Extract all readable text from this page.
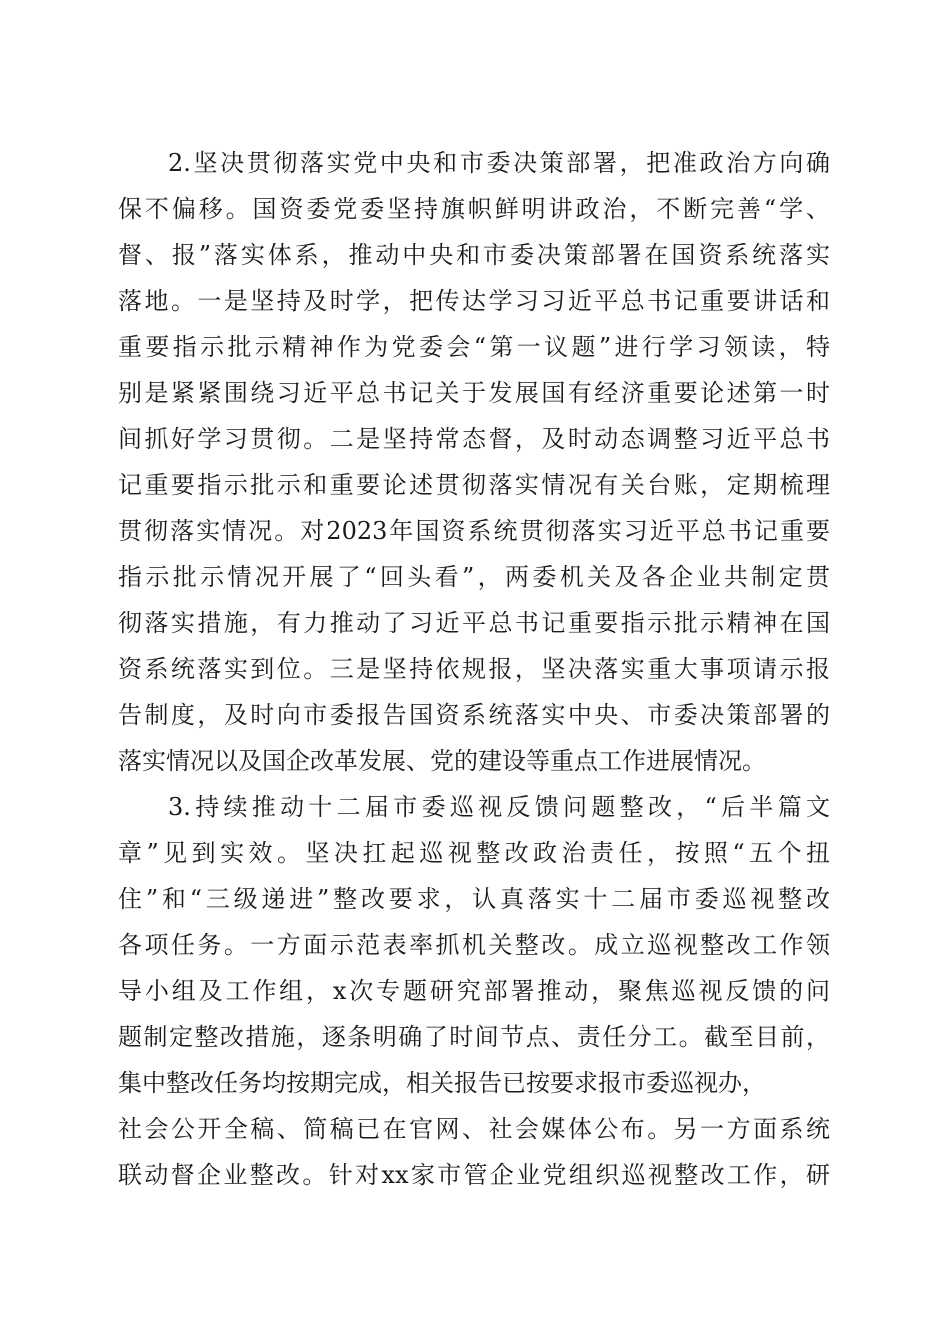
2.坚决贯彻落实党中央和市委决策部署，把准政治方向确
保不偏移。国资委党委坚持旗帜鲜明讲政治，不断完善“学、
督、报”落实体系，推动中央和市委决策部署在国资系统落实
落地。一是坚持及时学，把传达学习习近平总书记重要讲话和
重要指示批示精神作为党委会“第一议题”进行学习领读，特
别是紧紧围绕习近平总书记关于发展国有经济重要论述第一时
间抓好学习贯彻。二是坚持常态督，及时动态调整习近平总书
记重要指示批示和重要论述贯彻落实情况有关台账，定期梳理
贯彻落实情况。对2023年国资系统贯彻落实习近平总书记重要
指示批示情况开展了“回头看”，两委机关及各企业共制定贯
彻落实措施，有力推动了习近平总书记重要指示批示精神在国
资系统落实到位。三是坚持依规报，坚决落实重大事项请示报
告制度，及时向市委报告国资系统落实中央、市委决策部署的
落实情况以及国企改革发展、党的建设等重点工作进展情况。
3.持续推动十二届市委巡视反馈问题整改，“后半篇文
章”见到实效。坚决扛起巡视整改政治责任，按照“五个扭
住”和“三级递进”整改要求，认真落实十二届市委巡视整改
各项任务。一方面示范表率抓机关整改。成立巡视整改工作领
导小组及工作组，x次专题研究部署推动，聚焦巡视反馈的问
题制定整改措施，逐条明确了时间节点、责任分工。截至目前，
集中整改任务均按期完成，相关报告已按要求报市委巡视办，
社会公开全稿、简稿已在官网、社会媒体公布。另一方面系统
联动督企业整改。针对xx家市管企业党组织巡视整改工作，研
